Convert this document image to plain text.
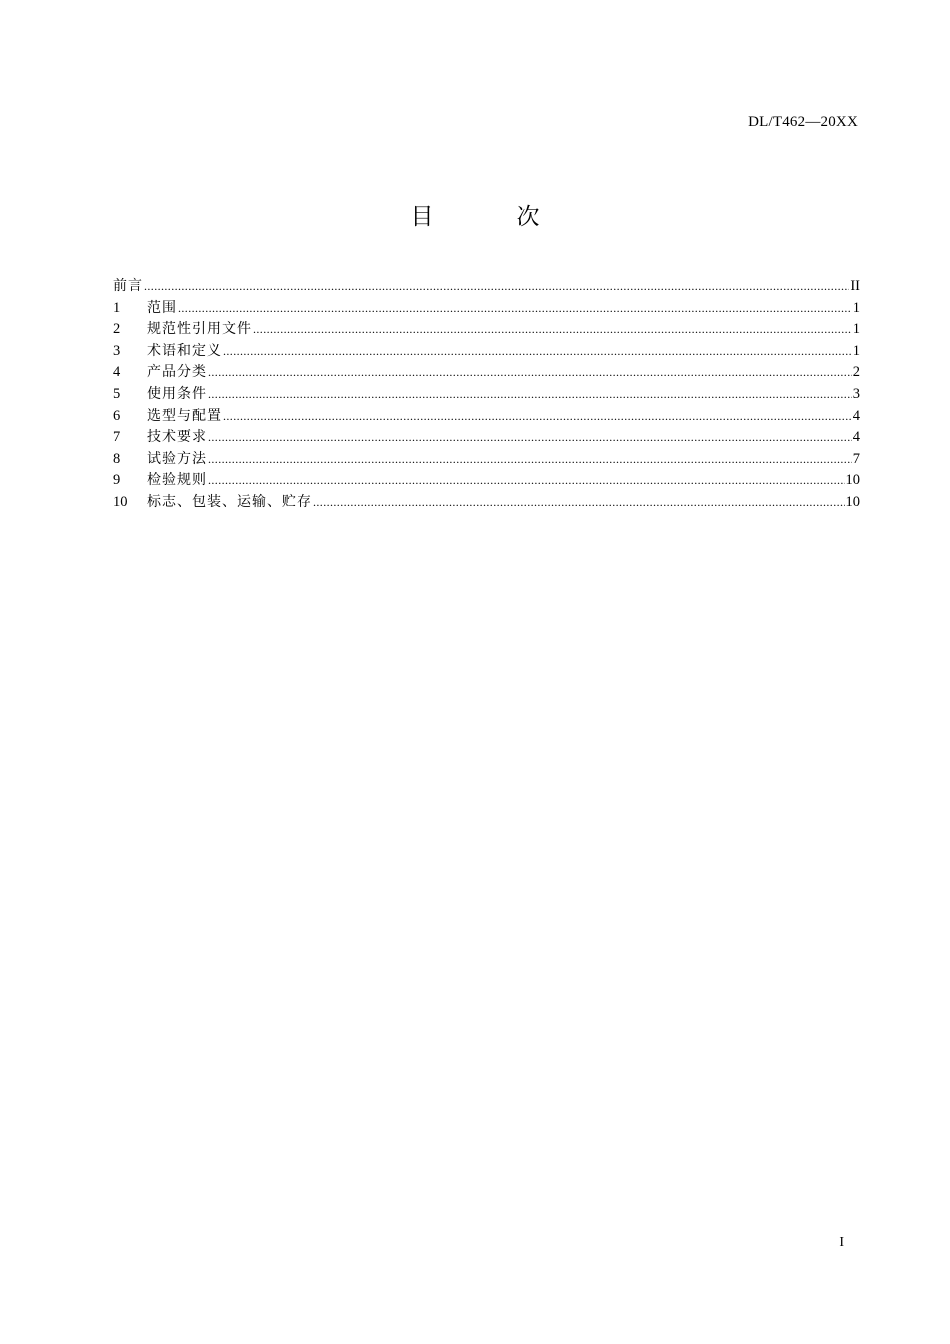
DL/T462—20XX
目　次
前言 .....	II
1	范围 .....	1
2	规范性引用文件 .....	1
3	术语和定义 .....	1
4	产品分类 .....	2
5	使用条件 .....	3
6	选型与配置 .....	4
7	技术要求 .....	4
8	试验方法 .....	7
9	检验规则 .....	10
10	标志、包装、运输、贮存 .....	10
I
